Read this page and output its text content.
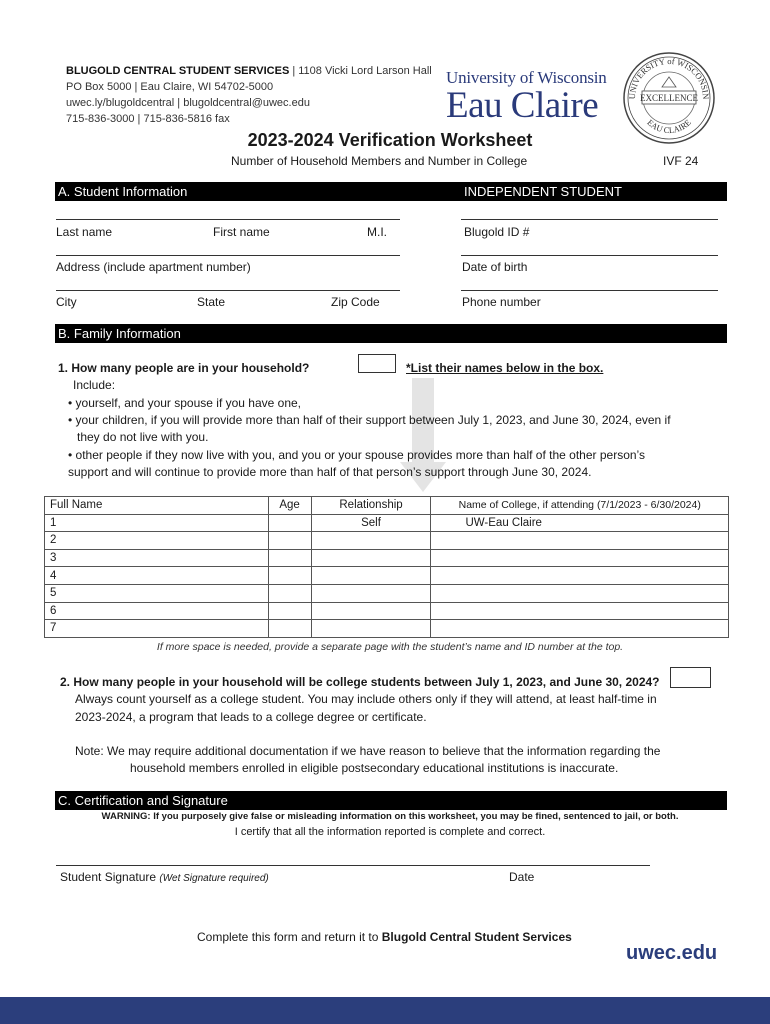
BLUGOLD CENTRAL STUDENT SERVICES | 1108 Vicki Lord Larson Hall
PO Box 5000 | Eau Claire, WI 54702-5000
uwec.ly/blugoldcentral | blugoldcentral@uwec.edu
715-836-3000 | 715-836-5816 fax
University of Wisconsin
Eau Claire	UNIVERSITY of WISCONSIN
EAU CLAIRE
EXCELLENCE
2023-2024 Verification Worksheet
Number of Household Members and Number in College	IVF 24
A. Student Information	INDEPENDENT STUDENT
Last name	First name	M.I.	Blugold ID #
Address (include apartment number)	Date of birth
City	State	Zip Code	Phone number
B. Family Information
1. How many people are in your household?	*List their names below in the box.
Include:
• yourself, and your spouse if you have one,
• your children, if you will provide more than half of their support between July 1, 2023, and June 30, 2024, even if
they do not live with you.
• other people if they now live with you, and you or your spouse provides more than half of the other person’s
support and will continue to provide more than half of that person’s support through June 30, 2024.
Full Name	Age	Relationship	Name of College, if attending (7/1/2023 - 6/30/2024)
1		Self	UW-Eau Claire
2			
3			
4			
5			
6			
7			
If more space is needed, provide a separate page with the student’s name and ID number at the top.
2. How many people in your household will be college students between July 1, 2023, and June 30, 2024?
Always count yourself as a college student. You may include others only if they will attend, at least half-time in
2023-2024, a program that leads to a college degree or certificate.
Note: We may require additional documentation if we have reason to believe that the information regarding the
household members enrolled in eligible postsecondary educational institutions is inaccurate.
C. Certification and Signature
WARNING: If you purposely give false or misleading information on this worksheet, you may be fined, sentenced to jail, or both.
I certify that all the information reported is complete and correct.
Student Signature (Wet Signature required)	Date
Complete this form and return it to Blugold Central Student Services
uwec.edu
